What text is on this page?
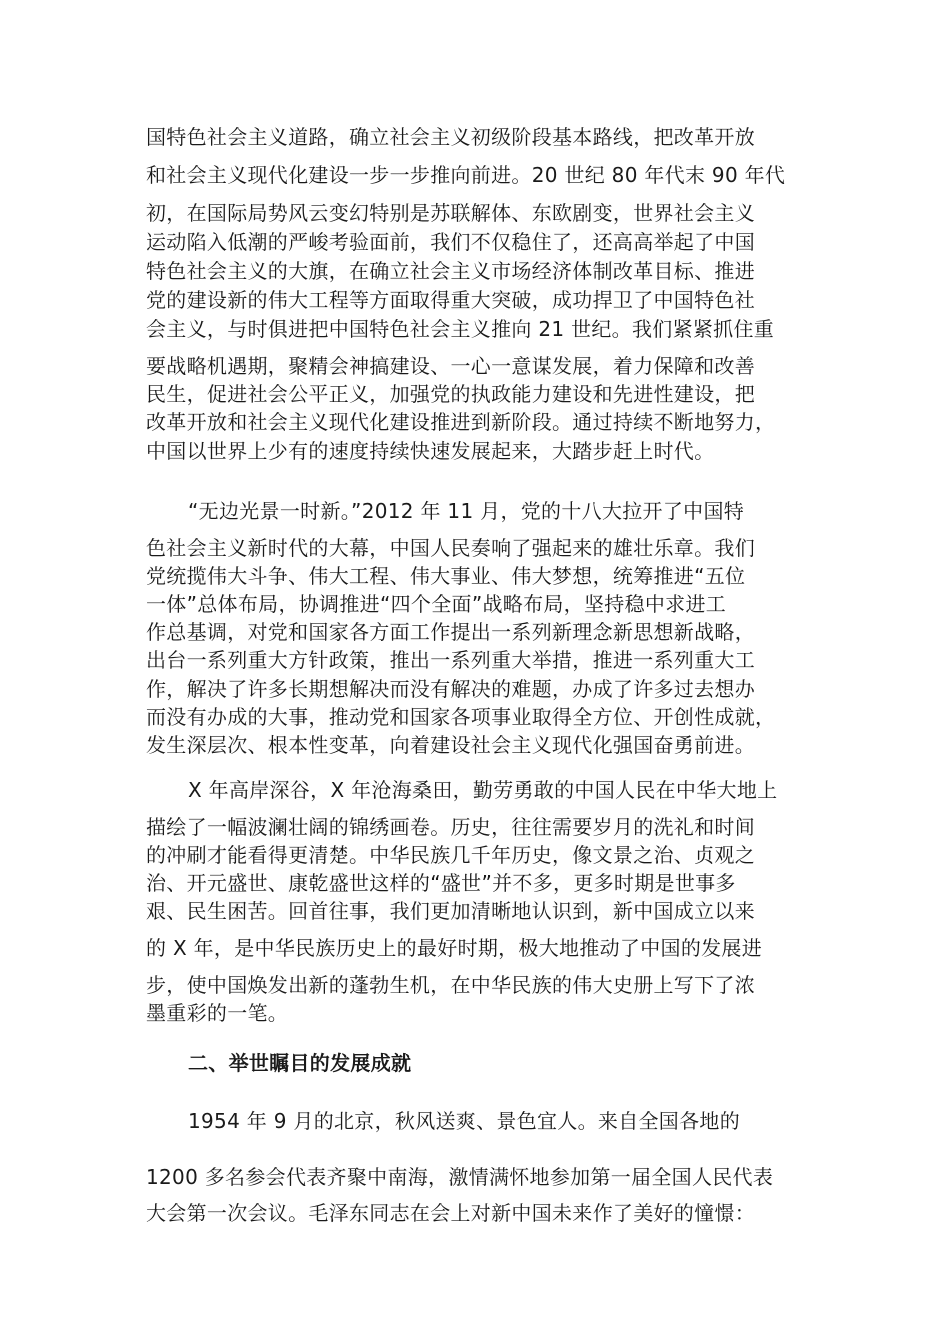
国特色社会主义道路，确立社会主义初级阶段基本路线，把改革开放
和社会主义现代化建设一步一步推向前进。20 世纪 80 年代末 90 年代
初，在国际局势风云变幻特别是苏联解体、东欧剧变，世界社会主义
运动陷入低潮的严峻考验面前，我们不仅稳住了，还高高举起了中国
特色社会主义的大旗，在确立社会主义市场经济体制改革目标、推进
党的建设新的伟大工程等方面取得重大突破，成功捍卫了中国特色社
会主义，与时俱进把中国特色社会主义推向 21 世纪。我们紧紧抓住重
要战略机遇期，聚精会神搞建设、一心一意谋发展，着力保障和改善
民生，促进社会公平正义，加强党的执政能力建设和先进性建设，把
改革开放和社会主义现代化建设推进到新阶段。通过持续不断地努力，
中国以世界上少有的速度持续快速发展起来，大踏步赶上时代。
“无边光景一时新。”2012 年 11 月，党的十八大拉开了中国特
色社会主义新时代的大幕，中国人民奏响了强起来的雄壮乐章。我们
党统揽伟大斗争、伟大工程、伟大事业、伟大梦想，统筹推进“五位
一体”总体布局，协调推进“四个全面”战略布局，坚持稳中求进工
作总基调，对党和国家各方面工作提出一系列新理念新思想新战略，
出台一系列重大方针政策，推出一系列重大举措，推进一系列重大工
作，解决了许多长期想解决而没有解决的难题，办成了许多过去想办
而没有办成的大事，推动党和国家各项事业取得全方位、开创性成就，
发生深层次、根本性变革，向着建设社会主义现代化强国奋勇前进。
X 年高岸深谷，X 年沧海桑田，勤劳勇敢的中国人民在中华大地上
描绘了一幅波澜壮阔的锦绣画卷。历史，往往需要岁月的洗礼和时间
的冲刷才能看得更清楚。中华民族几千年历史，像文景之治、贞观之
治、开元盛世、康乾盛世这样的“盛世”并不多，更多时期是世事多
艰、民生困苦。回首往事，我们更加清晰地认识到，新中国成立以来
的 X 年，是中华民族历史上的最好时期，极大地推动了中国的发展进
步，使中国焕发出新的蓬勃生机，在中华民族的伟大史册上写下了浓
墨重彩的一笔。
二、举世瞩目的发展成就
1954 年 9 月的北京，秋风送爽、景色宜人。来自全国各地的
1200 多名参会代表齐聚中南海，激情满怀地参加第一届全国人民代表
大会第一次会议。毛泽东同志在会上对新中国未来作了美好的憧憬：
